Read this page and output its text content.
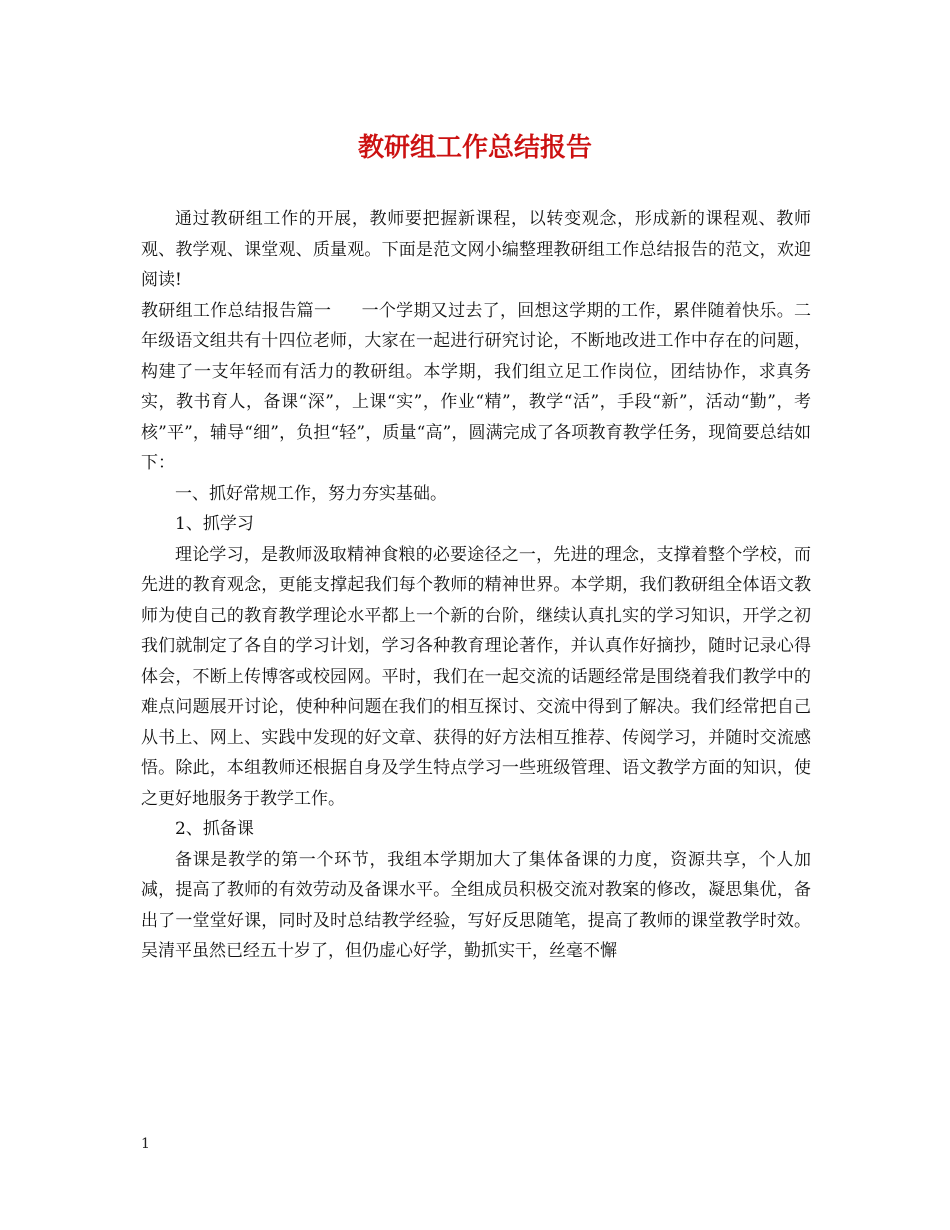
教研组工作总结报告

通过教研组工作的开展，教师要把握新课程，以转变观念，形成新的课程观、教师观、教学观、课堂观、质量观。下面是范文网小编整理教研组工作总结报告的范文，欢迎阅读!

教研组工作总结报告篇一 一个学期又过去了，回想这学期的工作，累伴随着快乐。二年级语文组共有十四位老师，大家在一起进行研究讨论，不断地改进工作中存在的问题，构建了一支年轻而有活力的教研组。本学期，我们组立足工作岗位，团结协作，求真务实，教书育人，备课“深”，上课“实”，作业“精”，教学“活”，手段“新”，活动“勤”，考核”平”，辅导“细”，负担“轻”，质量“高”，圆满完成了各项教育教学任务，现简要总结如下：

一、抓好常规工作，努力夯实基础。

1、抓学习

理论学习，是教师汲取精神食粮的必要途径之一，先进的理念，支撑着整个学校，而先进的教育观念，更能支撑起我们每个教师的精神世界。本学期，我们教研组全体语文教师为使自己的教育教学理论水平都上一个新的台阶，继续认真扎实的学习知识，开学之初我们就制定了各自的学习计划，学习各种教育理论著作，并认真作好摘抄，随时记录心得体会，不断上传博客或校园网。平时，我们在一起交流的话题经常是围绕着我们教学中的难点问题展开讨论，使种种问题在我们的相互探讨、交流中得到了解决。我们经常把自己从书上、网上、实践中发现的好文章、获得的好方法相互推荐、传阅学习，并随时交流感悟。除此，本组教师还根据自身及学生特点学习一些班级管理、语文教学方面的知识，使之更好地服务于教学工作。

2、抓备课

备课是教学的第一个环节，我组本学期加大了集体备课的力度，资源共享，个人加减，提高了教师的有效劳动及备课水平。全组成员积极交流对教案的修改，凝思集优，备出了一堂堂好课，同时及时总结教学经验，写好反思随笔，提高了教师的课堂教学时效。吴清平虽然已经五十岁了，但仍虚心好学，勤抓实干，丝毫不懈

1
